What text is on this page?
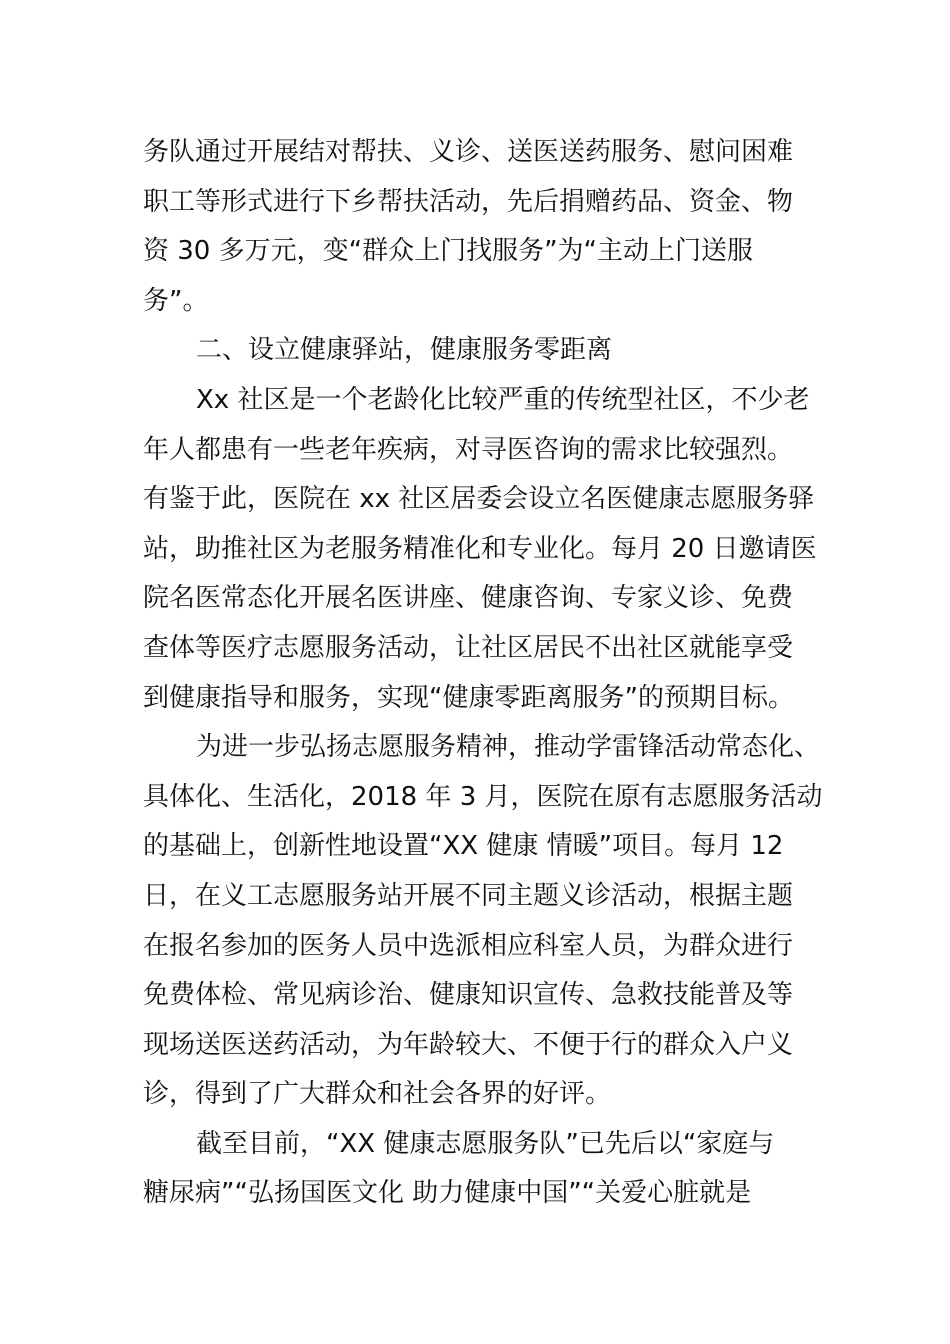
务队通过开展结对帮扶、义诊、送医送药服务、慰问困难
职工等形式进行下乡帮扶活动，先后捐赠药品、资金、物
资 30 多万元，变“群众上门找服务”为“主动上门送服
务”。
二、设立健康驿站，健康服务零距离
Xx 社区是一个老龄化比较严重的传统型社区，不少老
年人都患有一些老年疾病，对寻医咨询的需求比较强烈。
有鉴于此，医院在 xx 社区居委会设立名医健康志愿服务驿
站，助推社区为老服务精准化和专业化。每月 20 日邀请医
院名医常态化开展名医讲座、健康咨询、专家义诊、免费
查体等医疗志愿服务活动，让社区居民不出社区就能享受
到健康指导和服务，实现“健康零距离服务”的预期目标。
为进一步弘扬志愿服务精神，推动学雷锋活动常态化、
具体化、生活化，2018 年 3 月，医院在原有志愿服务活动
的基础上，创新性地设置“XX 健康 情暖”项目。每月 12
日，在义工志愿服务站开展不同主题义诊活动，根据主题
在报名参加的医务人员中选派相应科室人员，为群众进行
免费体检、常见病诊治、健康知识宣传、急救技能普及等
现场送医送药活动，为年龄较大、不便于行的群众入户义
诊，得到了广大群众和社会各界的好评。
截至目前，“XX 健康志愿服务队”已先后以“家庭与
糖尿病”“弘扬国医文化 助力健康中国”“关爱心脏就是
